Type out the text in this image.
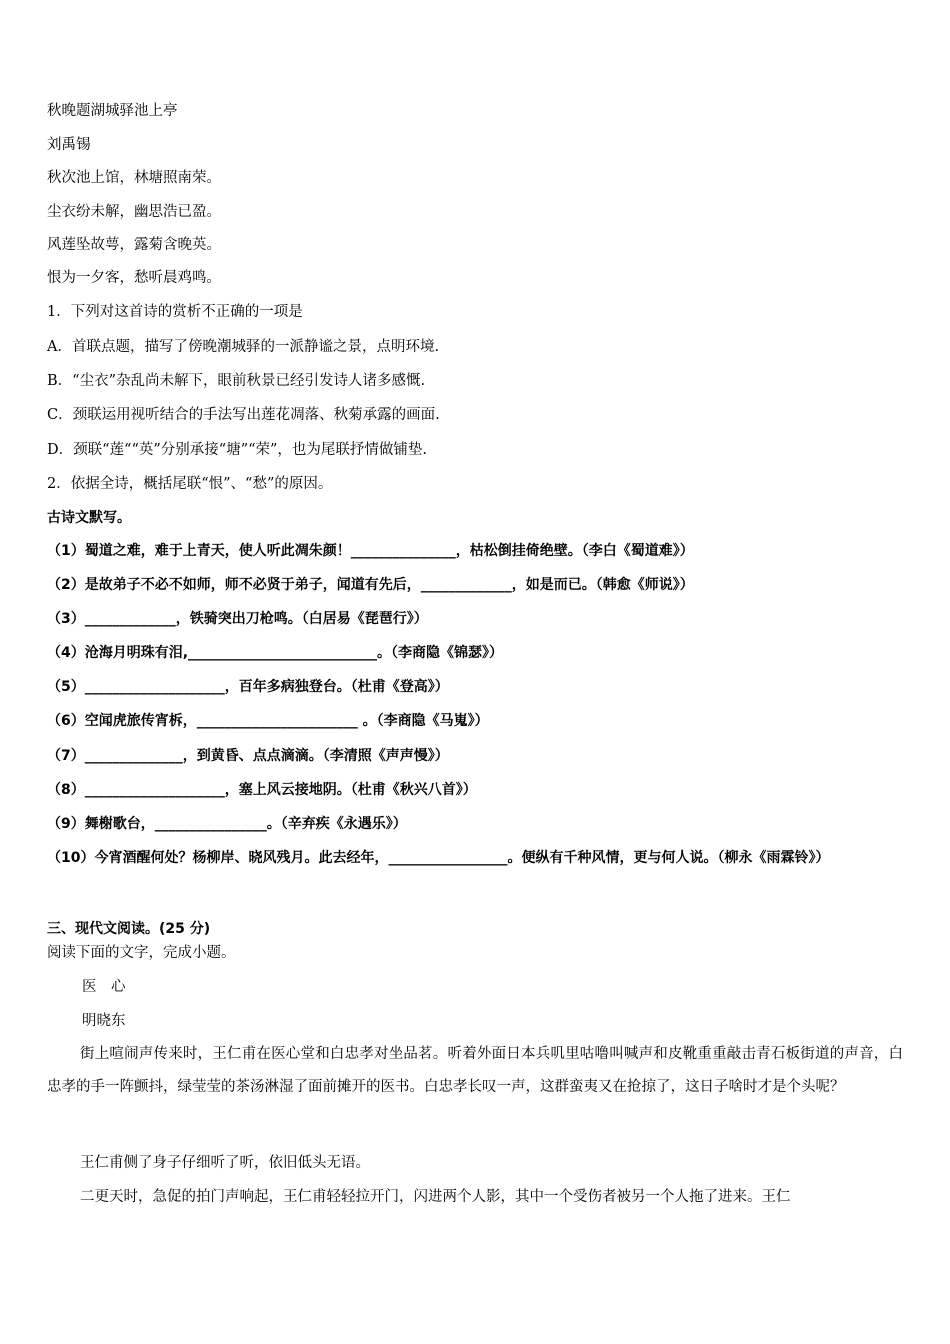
秋晚题湖城驿池上亭
刘禹锡
秋次池上馆，林塘照南荣。
尘衣纷未解，幽思浩已盈。
风莲坠故萼，露菊含晚英。
恨为一夕客，愁听晨鸡鸣。
1．下列对这首诗的赏析不正确的一项是
A．首联点题，描写了傍晚潮城驿的一派静谧之景，点明环境.
B．“尘衣”杂乱尚未解下，眼前秋景已经引发诗人诸多感慨.
C．颈联运用视听结合的手法写出莲花凋落、秋菊承露的画面.
D．颈联“莲““英”分别承接“塘”“荣”，也为尾联抒情做铺垫.
2．依据全诗，概括尾联“恨”、“愁”的原因。
古诗文默写。
（1）蜀道之难，难于上青天，使人听此凋朱颜！_______________，枯松倒挂倚绝壁。（李白《蜀道难》）
（2）是故弟子不必不如师，师不必贤于弟子，闻道有先后，_____________，如是而已。（韩愈《师说》）
（3）_____________，铁骑突出刀枪鸣。（白居易《琵琶行》）
（4）沧海月明珠有泪,___________________________。（李商隐《锦瑟》）
（5）____________________，百年多病独登台。（杜甫《登高》）
（6）空闻虎旅传宵柝，_______________________ 。（李商隐《马嵬》）
（7）______________，到黄昏、点点滴滴。（李清照《声声慢》）
（8）____________________，塞上风云接地阴。（杜甫《秋兴八首》）
（9）舞榭歌台，________________。（辛弃疾《永遇乐》）
（10）今宵酒醒何处？杨柳岸、晓风残月。此去经年，_________________。便纵有千种风情，更与何人说。（柳永《雨霖铃》）
三、现代文阅读。(25 分)
阅读下面的文字，完成小题。
医　心
明晓东
街上喧闹声传来时，王仁甫在医心堂和白忠孝对坐品茗。听着外面日本兵叽里咕噜叫喊声和皮靴重重敲击青石板街道的声音，白忠孝的手一阵颤抖，绿莹莹的茶汤淋湿了面前摊开的医书。白忠孝长叹一声，这群蛮夷又在抢掠了，这日子啥时才是个头呢？
王仁甫侧了身子仔细听了听，依旧低头无语。
二更天时，急促的拍门声响起，王仁甫轻轻拉开门，闪进两个人影，其中一个受伤者被另一个人拖了进来。王仁
